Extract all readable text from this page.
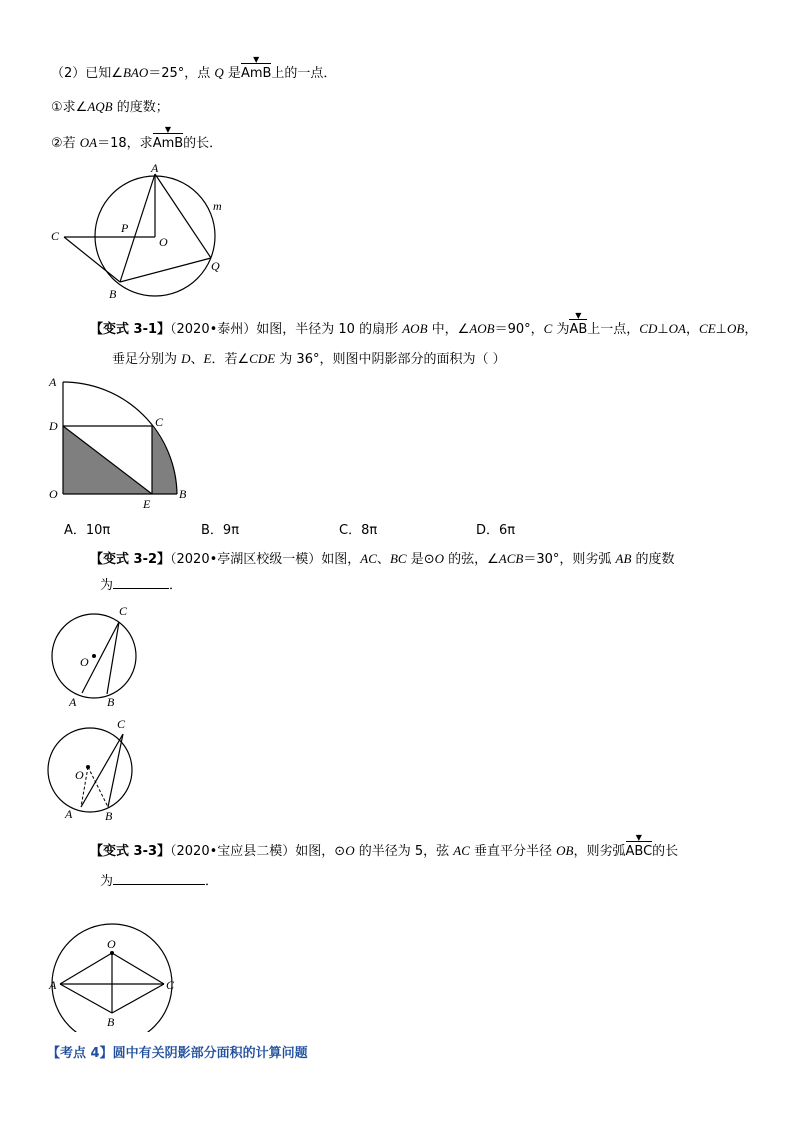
（2）已知∠BAO＝25°，点 Q 是
▼
AmB上的一点．
①求∠AQB 的度数；
②若 OA＝18，求
▼
AmB的长．
A
C
P
O
m
Q
B
【变式 3-1】（2020•泰州）如图，半径为 10 的扇形 AOB 中，∠AOB＝90°，C 为
▼
AB上一点，CD⊥OA，CE⊥OB，
垂足分别为 D、E．若∠CDE 为 36°，则图中阴影部分的面积为（ ）
A
C
D
O
E
B
A．10π	B．9π	C．8π	D．6π
【变式 3-2】（2020•亭湖区校级一模）如图，AC、BC 是⊙O 的弦，∠ACB＝30°，则劣弧 AB 的度数
为	．
C
O
A	B
C
O
A	B
【变式 3-3】（2020•宝应县二模）如图，⊙O 的半径为 5，弦 AC 垂直平分半径 OB，则劣弧
▼
ABC的长
为	．
O
A	C
B
【考点 4】圆中有关阴影部分面积的计算问题
